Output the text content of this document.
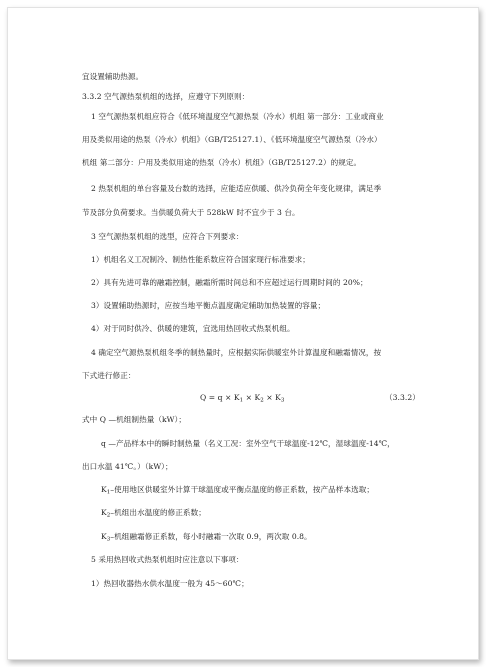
宜设置辅助热源。
3.3.2 空气源热泵机组的选择，应遵守下列原则：
1 空气源热泵机组应符合《低环境温度空气源热泵（冷水）机组 第一部分：工业或商业
用及类似用途的热泵（冷水）机组》（GB/T25127.1）、《低环境温度空气源热泵（冷水）
机组 第二部分：户用及类似用途的热泵（冷水）机组》（GB/T25127.2）的规定。
2 热泵机组的单台容量及台数的选择，应能适应供暖、供冷负荷全年变化规律，满足季
节及部分负荷要求。当供暖负荷大于 528kW 时不宜少于 3 台。
3 空气源热泵机组的选型，应符合下列要求：
1）机组名义工况制冷、制热性能系数应符合国家现行标准要求；
2）具有先进可靠的融霜控制，融霜所需时间总和不应超过运行周期时间的 20%；
3）设置辅助热源时，应按当地平衡点温度确定辅助加热装置的容量；
4）对于同时供冷、供暖的建筑，宜选用热回收式热泵机组。
4 确定空气源热泵机组冬季的制热量时，应根据实际供暖室外计算温度和融霜情况，按
下式进行修正：
$Q = q \times K_1 \times K_2 \times K_3$	（3.3.2）
式中 Q —机组制热量（kW）；
q —产品样本中的瞬时制热量（名义工况：室外空气干球温度-12℃，湿球温度-14℃，
出口水温 41℃。）（kW）；
$K_1-$使用地区供暖室外计算干球温度或平衡点温度的修正系数，按产品样本选取；
$K_2-$机组出水温度的修正系数；
$K_3-$机组融霜修正系数，每小时融霜一次取 0.9，两次取 0.8。
5 采用热回收式热泵机组时应注意以下事项：
1）热回收器热水供水温度一般为 45～60℃；
